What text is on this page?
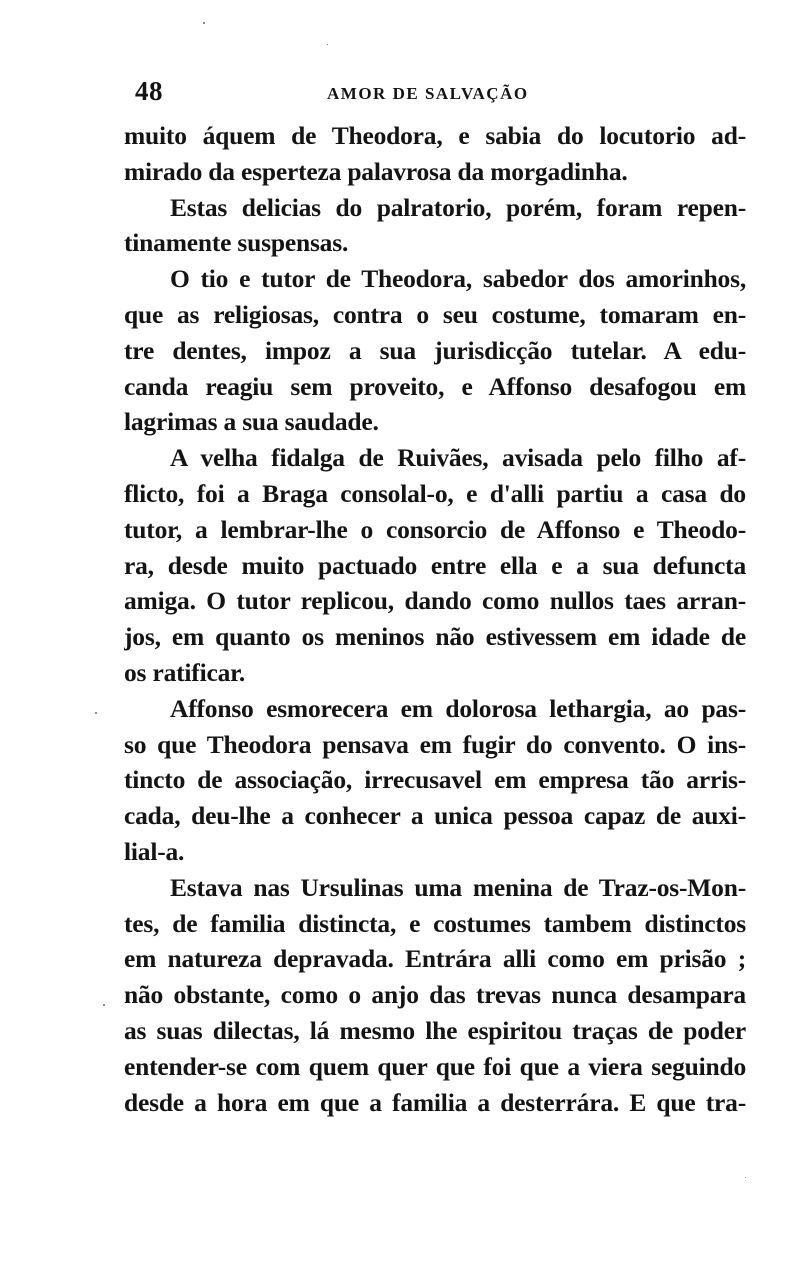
48	AMOR DE SALVAÇÃO
muito áquem de Theodora, e sabia do locutorio ad-
mirado da esperteza palavrosa da morgadinha.
Estas delicias do palratorio, porém, foram repen-
tinamente suspensas.
O tio e tutor de Theodora, sabedor dos amorinhos,
que as religiosas, contra o seu costume, tomaram en-
tre dentes, impoz a sua jurisdicção tutelar. A edu-
canda reagiu sem proveito, e Affonso desafogou em
lagrimas a sua saudade.
A velha fidalga de Ruivães, avisada pelo filho af-
flicto, foi a Braga consolal-o, e d'alli partiu a casa do
tutor, a lembrar-lhe o consorcio de Affonso e Theodo-
ra, desde muito pactuado entre ella e a sua defuncta
amiga. O tutor replicou, dando como nullos taes arran-
jos, em quanto os meninos não estivessem em idade de
os ratificar.
Affonso esmorecera em dolorosa lethargia, ao pas-
so que Theodora pensava em fugir do convento. O ins-
tincto de associação, irrecusavel em empresa tão arris-
cada, deu-lhe a conhecer a unica pessoa capaz de auxi-
lial-a.
Estava nas Ursulinas uma menina de Traz-os-Mon-
tes, de familia distincta, e costumes tambem distinctos
em natureza depravada. Entrára alli como em prisão ;
não obstante, como o anjo das trevas nunca desampara
as suas dilectas, lá mesmo lhe espiritou traças de poder
entender-se com quem quer que foi que a viera seguindo
desde a hora em que a familia a desterrára. E que tra-
